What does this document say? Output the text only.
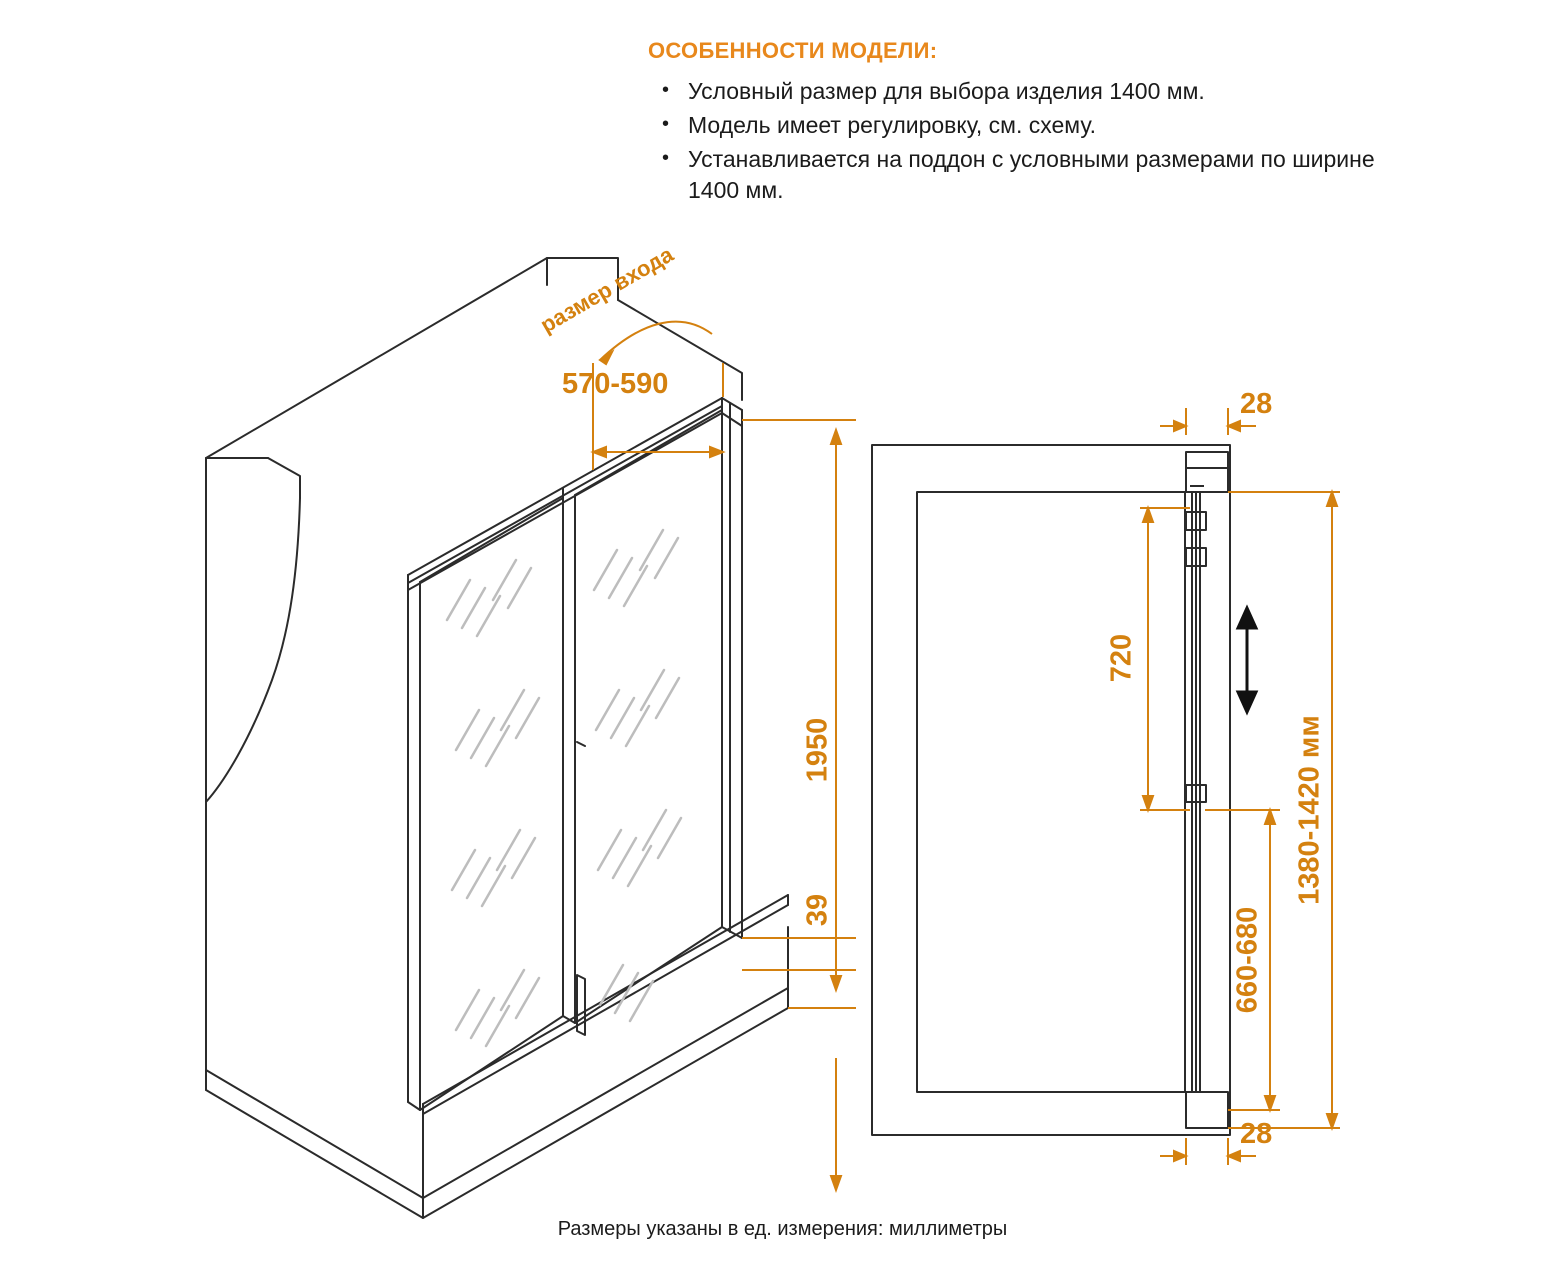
ОСОБЕННОСТИ МОДЕЛИ:
• Условный размер для выбора изделия 1400 мм.
• Модель имеет регулировку, см. схему.
• Устанавливается на поддон с условными размерами по ширине 1400 мм.
размер входа
570-590
1950
39
28
28
720
660-680
1380-1420 мм
Размеры указаны в ед. измерения: миллиметры
